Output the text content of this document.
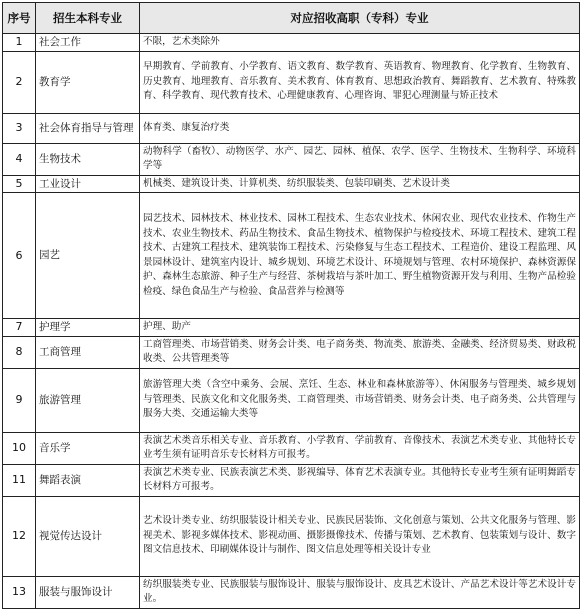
序号	招生本科专业	对应招收高职（专科）专业
1	社会工作	不限，艺术类除外
2	教育学	早期教育、学前教育、小学教育、语文教育、数学教育、英语教育、物理教育、化学教育、生物教育、历史教育、地理教育、音乐教育、美术教育、体育教育、思想政治教育、舞蹈教育、艺术教育、特殊教育、科学教育、现代教育技术、心理健康教育、心理咨询、罪犯心理测量与矫正技术
3	社会体育指导与管理	体育类、康复治疗类
4	生物技术	动物科学（畜牧）、动物医学、水产、园艺、园林、植保、农学、医学、生物技术、生物科学、环境科学等
5	工业设计	机械类、建筑设计类、计算机类、纺织服装类、包装印刷类、艺术设计类
6	园艺	园艺技术、园林技术、林业技术、园林工程技术、生态农业技术、休闲农业、现代农业技术、作物生产技术、农业生物技术、药品生物技术、食品生物技术、植物保护与检疫技术、环境工程技术、建筑工程技术、古建筑工程技术、建筑装饰工程技术、污染修复与生态工程技术、工程造价、建设工程监理、风景园林设计、建筑室内设计、城乡规划、环境艺术设计、环境规划与管理、农村环境保护、森林资源保护、森林生态旅游、种子生产与经营、茶树栽培与茶叶加工、野生植物资源开发与利用、生物产品检验检疫、绿色食品生产与检验、食品营养与检测等
7	护理学	护理、助产
8	工商管理	工商管理类、市场营销类、财务会计类、电子商务类、物流类、旅游类、金融类、经济贸易类、财政税收类、公共管理类等
9	旅游管理	旅游管理大类（含空中乘务、会展、烹饪、生态、林业和森林旅游等）、休闲服务与管理类、城乡规划与管理类、民族文化和文化服务类、工商管理类、市场营销类、财务会计类、电子商务类、公共管理与服务大类、交通运输大类等
10	音乐学	表演艺术类音乐相关专业、音乐教育、小学教育、学前教育、音像技术、表演艺术类专业、其他特长专业考生须有证明音乐专长材料方可报考。
11	舞蹈表演	表演艺术类专业、民族表演艺术类、影视编导、体育艺术表演专业。其他特长专业考生须有证明舞蹈专长材料方可报考。
12	视觉传达设计	艺术设计类专业、纺织服装设计相关专业、民族民居装饰、文化创意与策划、公共文化服务与管理、影视美术、影视多媒体技术、影视动画、摄影摄像技术、传播与策划、艺术教育、包装策划与设计、数字图文信息技术、印刷媒体设计与制作、图文信息处理等相关设计专业
13	服装与服饰设计	纺织服装类专业、民族服装与服饰设计、服装与服饰设计、皮具艺术设计、产品艺术设计等艺术设计专业。
